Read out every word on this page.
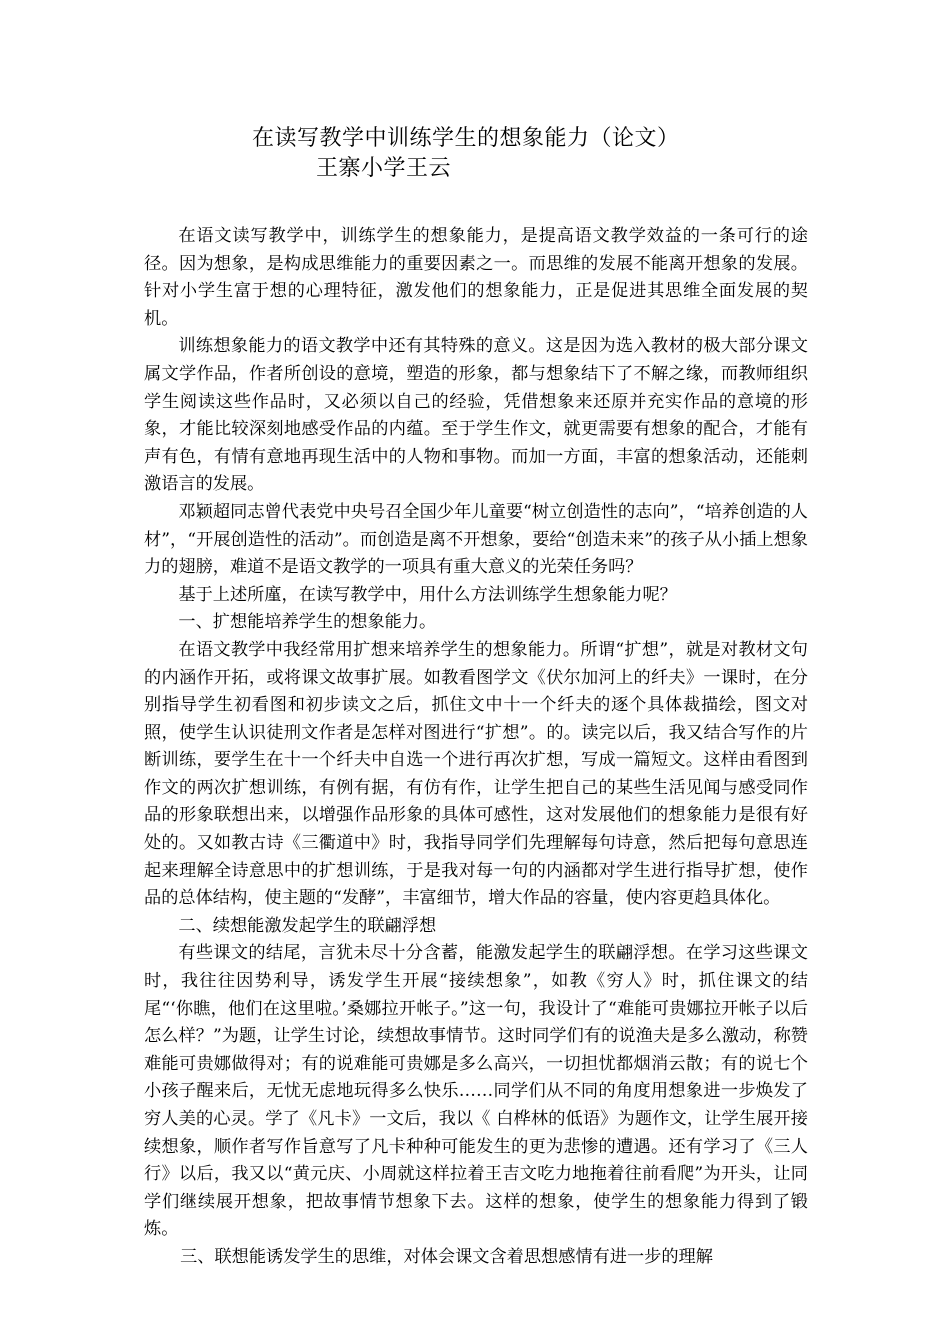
在读写教学中训练学生的想象能力（论文）
王寨小学王云

在语文读写教学中，训练学生的想象能力，是提高语文教学效益的一条可行的途径。因为想象，是构成思维能力的重要因素之一。而思维的发展不能离开想象的发展。针对小学生富于想的心理特征，激发他们的想象能力，正是促进其思维全面发展的契机。

训练想象能力的语文教学中还有其特殊的意义。这是因为选入教材的极大部分课文属文学作品，作者所创设的意境，塑造的形象，都与想象结下了不解之缘，而教师组织学生阅读这些作品时，又必须以自己的经验，凭借想象来还原并充实作品的意境的形象，才能比较深刻地感受作品的内蕴。至于学生作文，就更需要有想象的配合，才能有声有色，有情有意地再现生活中的人物和事物。而加一方面，丰富的想象活动，还能刺激语言的发展。

邓颖超同志曾代表党中央号召全国少年儿童要“树立创造性的志向”，“培养创造的人材”，“开展创造性的活动”。而创造是离不开想象，要给“创造未来”的孩子从小插上想象力的翅膀，难道不是语文教学的一项具有重大意义的光荣任务吗？

基于上述所廑，在读写教学中，用什么方法训练学生想象能力呢？

一、扩想能培养学生的想象能力。

在语文教学中我经常用扩想来培养学生的想象能力。所谓“扩想”，就是对教材文句的内涵作开拓，或将课文故事扩展。如教看图学文《伏尔加河上的纤夫》一课时，在分别指导学生初看图和初步读文之后，抓住文中十一个纤夫的逐个具体裁描绘，图文对照，使学生认识徒刑文作者是怎样对图进行“扩想”。的。读完以后，我又结合写作的片断训练，要学生在十一个纤夫中自选一个进行再次扩想，写成一篇短文。这样由看图到作文的两次扩想训练，有例有据，有仿有作，让学生把自己的某些生活见闻与感受同作品的形象联想出来，以增强作品形象的具体可感性，这对发展他们的想象能力是很有好处的。又如教古诗《三衢道中》时，我指导同学们先理解每句诗意，然后把每句意思连起来理解全诗意思中的扩想训练，于是我对每一句的内涵都对学生进行指导扩想，使作品的总体结构，使主题的“发酵”，丰富细节，增大作品的容量，使内容更趋具体化。

二、续想能激发起学生的联翩浮想

有些课文的结尾，言犹未尽十分含蓄，能激发起学生的联翩浮想。在学习这些课文时，我往往因势利导，诱发学生开展“接续想象”，如教《穷人》时，抓住课文的结尾“‘你瞧，他们在这里啦。’桑娜拉开帐子。”这一句，我设计了“难能可贵娜拉开帐子以后怎么样？”为题，让学生讨论，续想故事情节。这时同学们有的说渔夫是多么激动，称赞难能可贵娜做得对；有的说难能可贵娜是多么高兴，一切担忧都烟消云散；有的说七个小孩子醒来后，无忧无虑地玩得多么快乐……同学们从不同的角度用想象进一步焕发了穷人美的心灵。学了《凡卡》一文后，我以《 白桦林的低语》为题作文，让学生展开接续想象，顺作者写作旨意写了凡卡种种可能发生的更为悲惨的遭遇。还有学习了《三人行》以后，我又以“黄元庆、小周就这样拉着王吉文吃力地拖着往前看爬”为开头，让同学们继续展开想象，把故事情节想象下去。这样的想象，使学生的想象能力得到了锻炼。

三、联想能诱发学生的思维，对体会课文含着思想感情有进一步的理解
